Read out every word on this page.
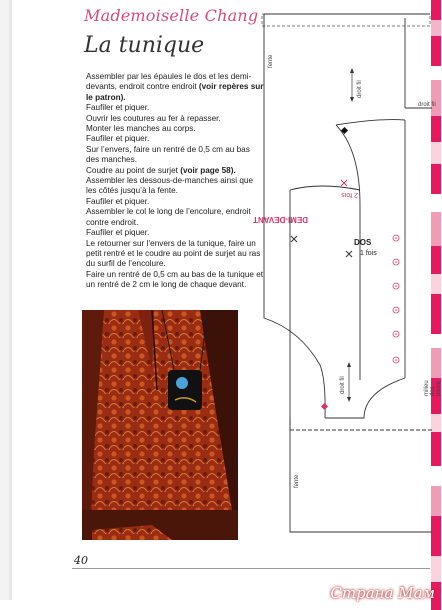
Mademoiselle Chang
La tunique

Assembler par les épaules le dos et les demi-devants, endroit contre endroit (voir repères sur le patron).

Faufiler et piquer.

Ouvrir les coutures au fer à repasser.

Monter les manches au corps.

Faufiler et piquer.

Sur l’envers, faire un rentré de 0,5 cm au bas des manches.

Coudre au point de surjet (voir page 58).

Assembler les dessous-de-manches ainsi que les côtés jusqu’à la fente.

Faufiler et piquer.

Assembler le col le long de l’encolure, endroit contre endroit.

Faufiler et piquer.

Le retourner sur l’envers de la tunique, faire un petit rentré et le coudre au point de surjet au ras du surfil de l’encolure.

Faire un rentré de 0,5 cm au bas de la tunique et un rentré de 2 cm le long de chaque devant.

DOS
1 fois
DEMI-DEVANT
2 fois
droit fil
droit fil
droit fil
fente
fente
milieu dos pliure
40
Страна Мам
